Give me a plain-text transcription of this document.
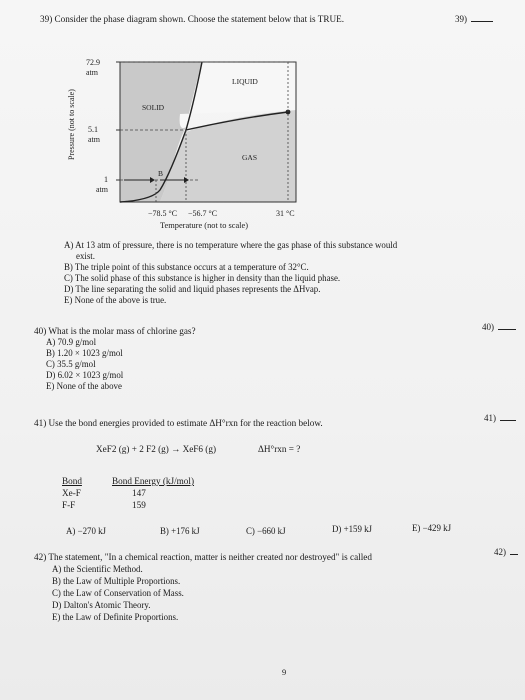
39) Consider the phase diagram shown. Choose the statement below that is TRUE.	39)
72.9
atm
5.1
atm
1
atm
Pressure (not to scale)	SOLID
LIQUID
GAS
B
−78.5 °C −56.7 °C	31 °C
Temperature (not to scale)
A) At 13 atm of pressure, there is no temperature where the gas phase of this substance would
exist.
B) The triple point of this substance occurs at a temperature of 32°C.
C) The solid phase of this substance is higher in density than the liquid phase.
D) The line separating the solid and liquid phases represents the ΔHvap.
E) None of the above is true.
40) What is the molar mass of chlorine gas?	40)
A) 70.9 g/mol
B) 1.20 × 1023 g/mol
C) 35.5 g/mol
D) 6.02 × 1023 g/mol
E) None of the above
41) Use the bond energies provided to estimate ΔH°rxn for the reaction below.	41)
XeF2 (g) + 2 F2 (g) → XeF6 (g)	ΔH°rxn = ?
Bond	Bond Energy (kJ/mol)
Xe-F	147
F-F	159
A) −270 kJ	B) +176 kJ	C) −660 kJ	D) +159 kJ	E) −429 kJ
42) The statement, "In a chemical reaction, matter is neither created nor destroyed" is called	42)
A) the Scientific Method.
B) the Law of Multiple Proportions.
C) the Law of Conservation of Mass.
D) Dalton's Atomic Theory.
E) the Law of Definite Proportions.
9
